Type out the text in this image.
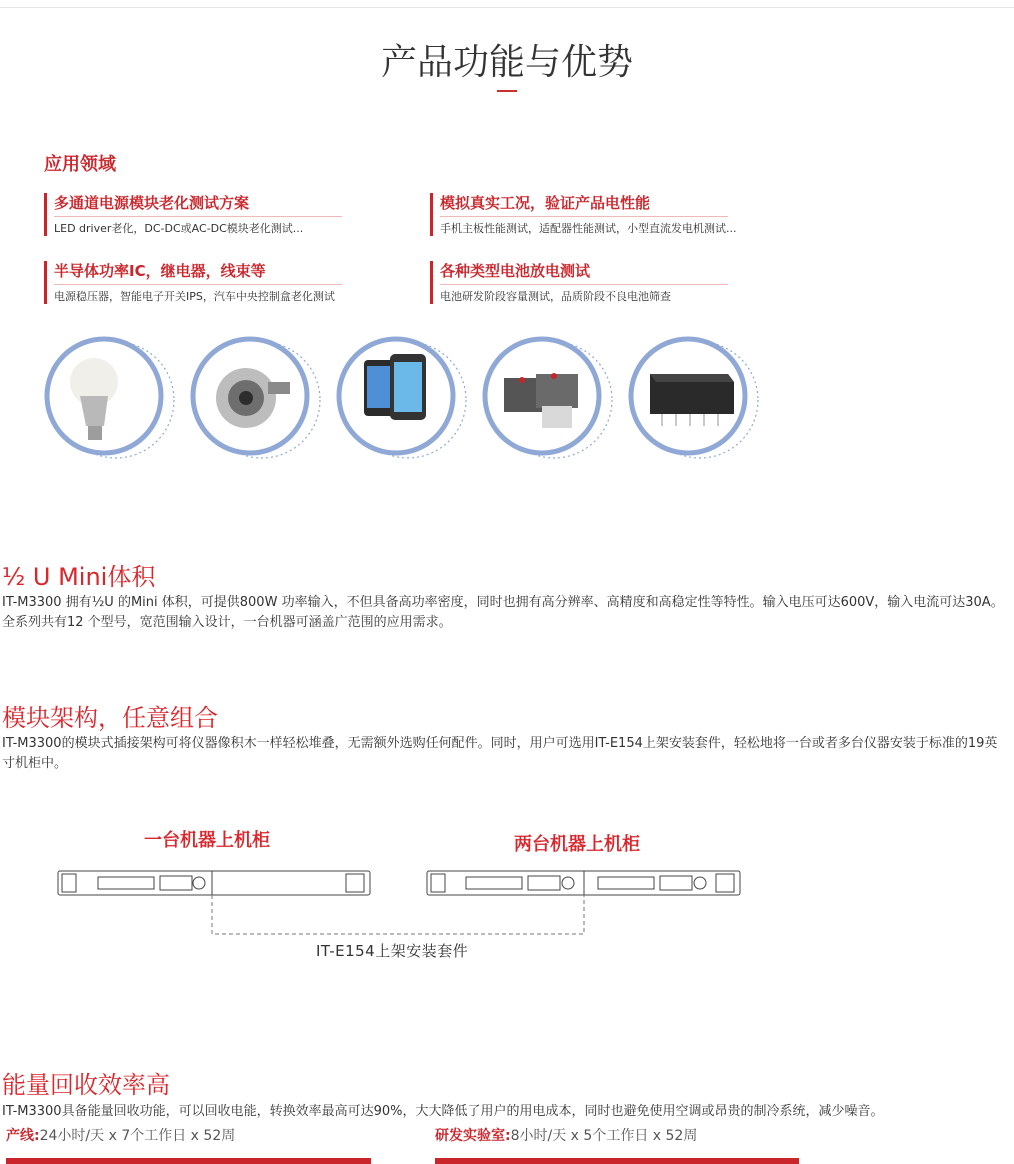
产品功能与优势
应用领域
多通道电源模块老化测试方案
LED driver老化，DC-DC或AC-DC模块老化测试...
模拟真实工况，验证产品电性能
手机主板性能测试，适配器性能测试，小型直流发电机测试...
半导体功率IC，继电器，线束等
电源稳压器，智能电子开关IPS，汽车中央控制盒老化测试
各种类型电池放电测试
电池研发阶段容量测试，品质阶段不良电池筛查
½ U Mini体积
IT-M3300 拥有½U 的Mini 体积，可提供800W 功率输入，不但具备高功率密度，同时也拥有高分辨率、高精度和高稳定性等特性。输入电压可达600V，输入电流可达30A。全系列共有12 个型号，宽范围输入设计，一台机器可涵盖广范围的应用需求。
模块架构，任意组合
IT-M3300的模块式插接架构可将仪器像积木一样轻松堆叠，无需额外选购任何配件。同时，用户可选用IT-E154上架安装套件，轻松地将一台或者多台仪器安装于标准的19英寸机柜中。
一台机器上机柜	两台机器上机柜
IT-E154上架安装套件
能量回收效率高
IT-M3300具备能量回收功能，可以回收电能，转换效率最高可达90%，大大降低了用户的用电成本，同时也避免使用空调或昂贵的制冷系统，减少噪音。
产线:24小时/天 x 7个工作日 x 52周	研发实验室:8小时/天 x 5个工作日 x 52周
